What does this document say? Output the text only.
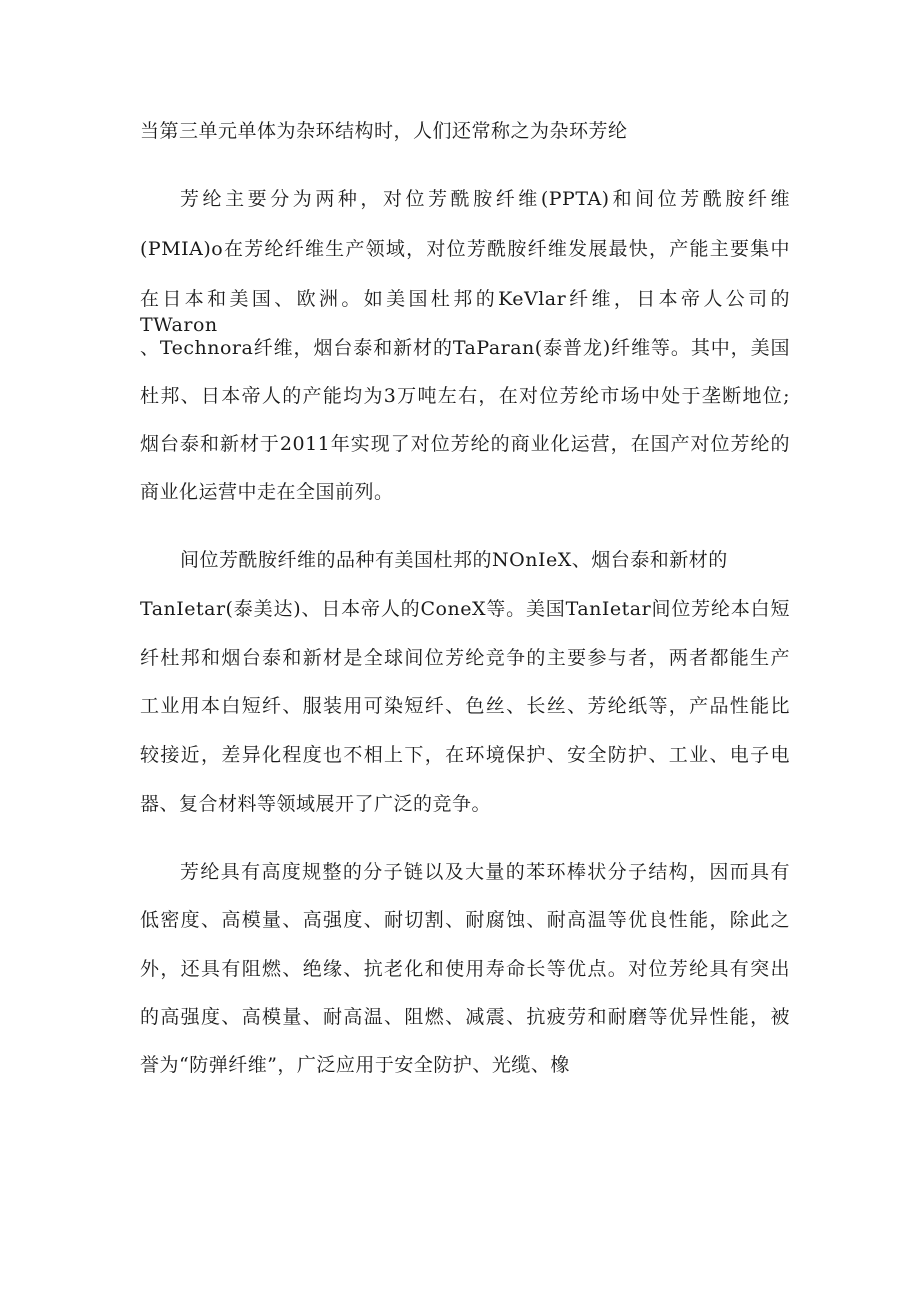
当第三单元单体为杂环结构时，人们还常称之为杂环芳纶
芳纶主要分为两种，对位芳酰胺纤维(PPTA)和间位芳酰胺纤维
(PMIA)o在芳纶纤维生产领域，对位芳酰胺纤维发展最快，产能主要集中
在日本和美国、欧洲。如美国杜邦的KeVlar纤维，日本帝人公司的TWaron
、Technora纤维，烟台泰和新材的TaParan(泰普龙)纤维等。其中，美国
杜邦、日本帝人的产能均为3万吨左右，在对位芳纶市场中处于垄断地位;
烟台泰和新材于2011年实现了对位芳纶的商业化运营，在国产对位芳纶的
商业化运营中走在全国前列。
间位芳酰胺纤维的品种有美国杜邦的NOnIeX、烟台泰和新材的
TanIetar(泰美达)、日本帝人的ConeX等。美国TanIetar间位芳纶本白短
纤杜邦和烟台泰和新材是全球间位芳纶竞争的主要参与者，两者都能生产
工业用本白短纤、服装用可染短纤、色丝、长丝、芳纶纸等，产品性能比
较接近，差异化程度也不相上下，在环境保护、安全防护、工业、电子电
器、复合材料等领域展开了广泛的竞争。
芳纶具有高度规整的分子链以及大量的苯环棒状分子结构，因而具有
低密度、高模量、高强度、耐切割、耐腐蚀、耐高温等优良性能，除此之
外，还具有阻燃、绝缘、抗老化和使用寿命长等优点。对位芳纶具有突出
的高强度、高模量、耐高温、阻燃、减震、抗疲劳和耐磨等优异性能，被
誉为“防弹纤维”，广泛应用于安全防护、光缆、橡
